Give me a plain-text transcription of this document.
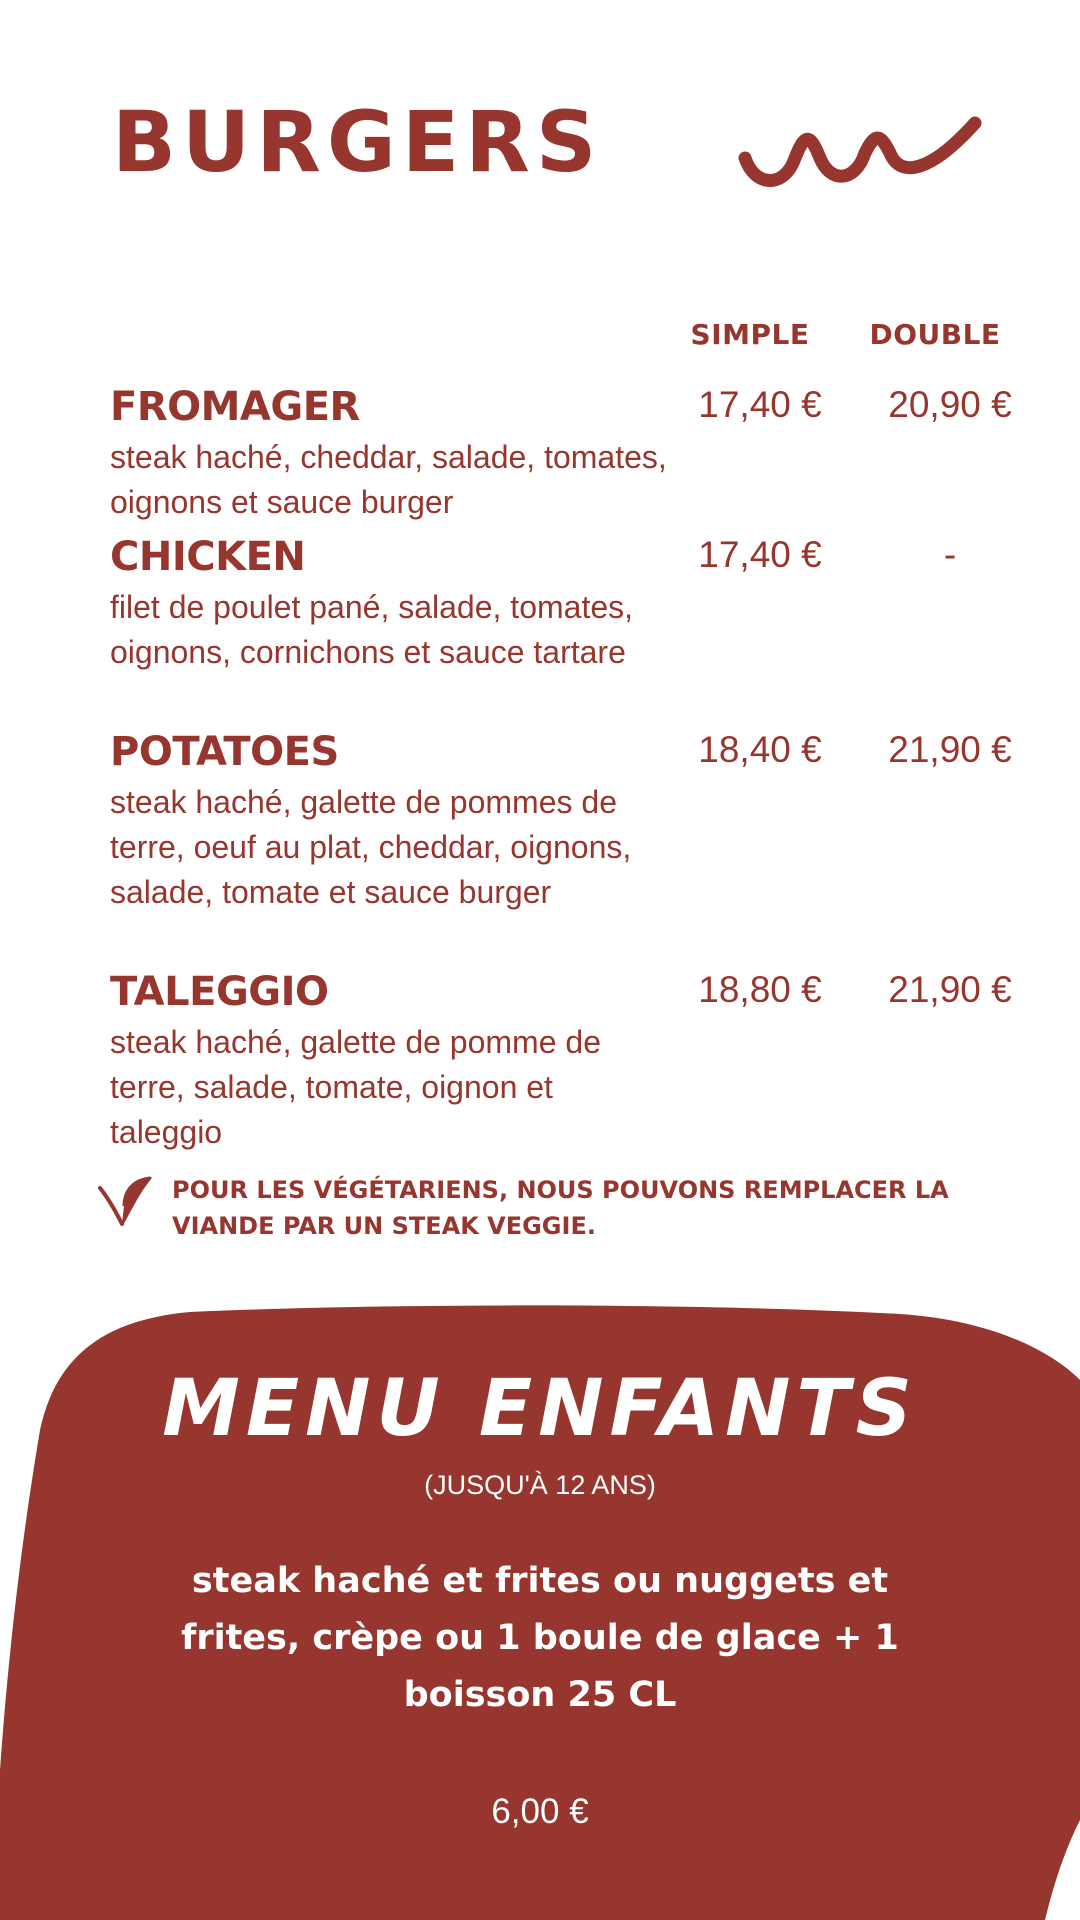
BURGERS
SIMPLE	DOUBLE
FROMAGER

steak haché, cheddar, salade, tomates, oignons et sauce burger

17,40 €	20,90 €
CHICKEN

filet de poulet pané, salade, tomates, oignons, cornichons et sauce tartare

17,40 €	-
POTATOES

steak haché, galette de pommes de terre, oeuf au plat, cheddar, oignons, salade, tomate et sauce burger

18,40 €	21,90 €
TALEGGIO

steak haché, galette de pomme de terre, salade, tomate, oignon et taleggio

18,80 €	21,90 €

POUR LES VÉGÉTARIENS, NOUS POUVONS REMPLACER LA VIANDE PAR UN STEAK VEGGIE.

MENU ENFANTS

(JUSQU'À 12 ANS)

steak haché et frites ou nuggets et frites, crèpe ou 1 boule de glace + 1 boisson 25 CL

6,00 €
